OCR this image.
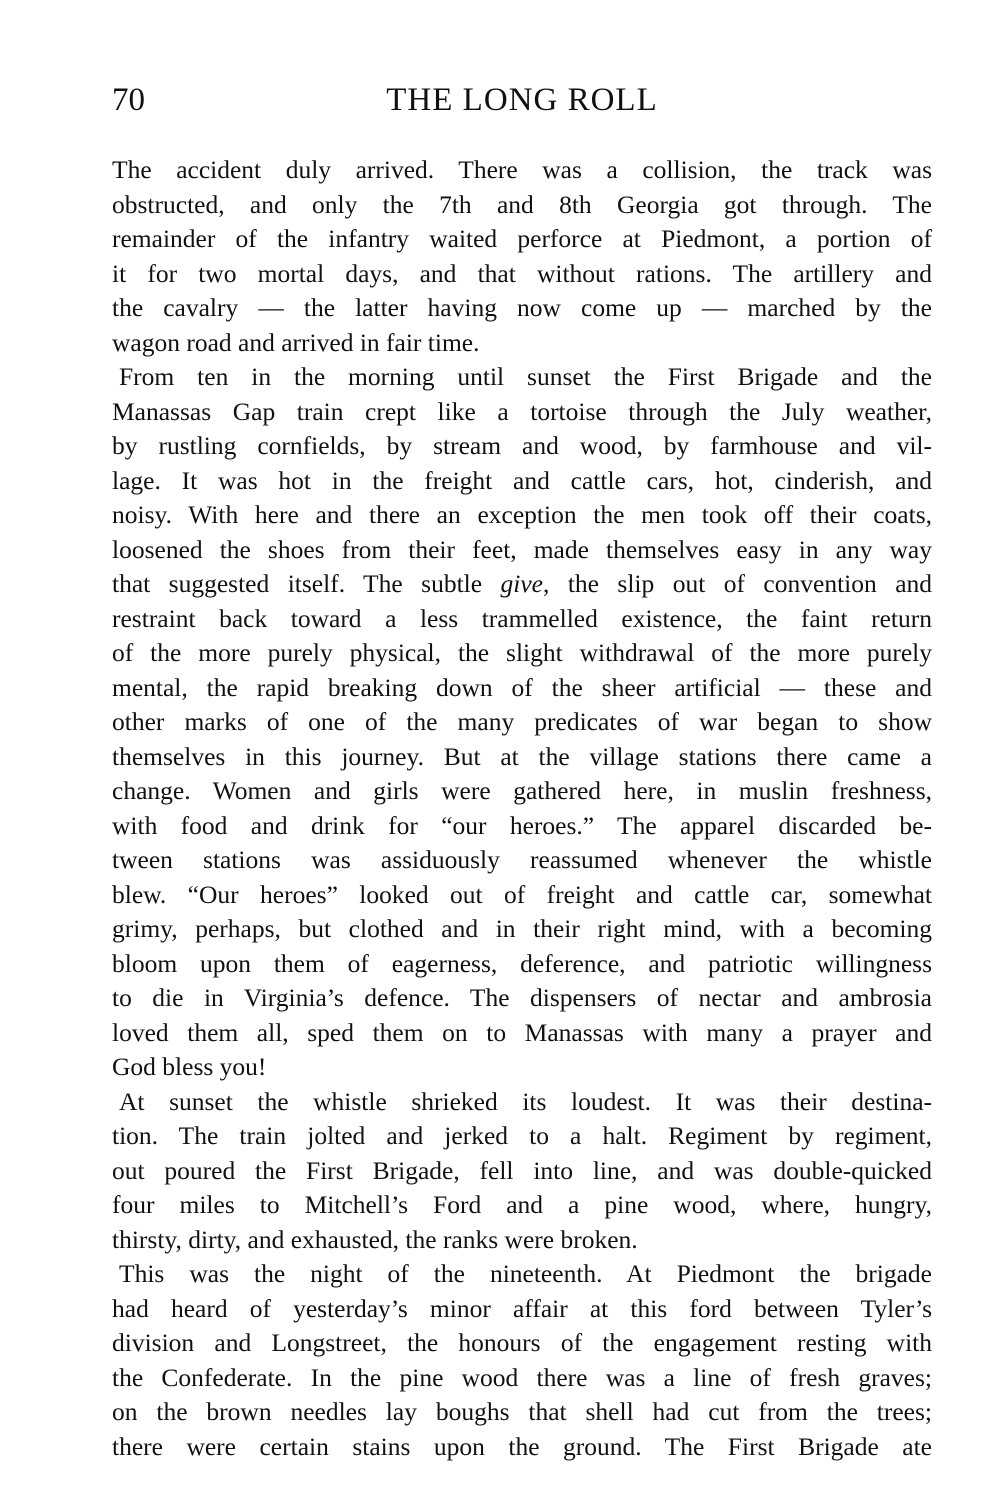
70	THE LONG ROLL
The accident duly arrived. There was a collision, the track was
obstructed, and only the 7th and 8th Georgia got through. The
remainder of the infantry waited perforce at Piedmont, a portion of
it for two mortal days, and that without rations. The artillery and
the cavalry — the latter having now come up — marched by the
wagon road and arrived in fair time.
From ten in the morning until sunset the First Brigade and the
Manassas Gap train crept like a tortoise through the July weather,
by rustling cornfields, by stream and wood, by farmhouse and vil-
lage. It was hot in the freight and cattle cars, hot, cinderish, and
noisy. With here and there an exception the men took off their coats,
loosened the shoes from their feet, made themselves easy in any way
that suggested itself. The subtle give, the slip out of convention and
restraint back toward a less trammelled existence, the faint return
of the more purely physical, the slight withdrawal of the more purely
mental, the rapid breaking down of the sheer artificial — these and
other marks of one of the many predicates of war began to show
themselves in this journey. But at the village stations there came a
change. Women and girls were gathered here, in muslin freshness,
with food and drink for “our heroes.” The apparel discarded be-
tween stations was assiduously reassumed whenever the whistle
blew. “Our heroes” looked out of freight and cattle car, somewhat
grimy, perhaps, but clothed and in their right mind, with a becoming
bloom upon them of eagerness, deference, and patriotic willingness
to die in Virginia’s defence. The dispensers of nectar and ambrosia
loved them all, sped them on to Manassas with many a prayer and
God bless you!
At sunset the whistle shrieked its loudest. It was their destina-
tion. The train jolted and jerked to a halt. Regiment by regiment,
out poured the First Brigade, fell into line, and was double-quicked
four miles to Mitchell’s Ford and a pine wood, where, hungry,
thirsty, dirty, and exhausted, the ranks were broken.
This was the night of the nineteenth. At Piedmont the brigade
had heard of yesterday’s minor affair at this ford between Tyler’s
division and Longstreet, the honours of the engagement resting with
the Confederate. In the pine wood there was a line of fresh graves;
on the brown needles lay boughs that shell had cut from the trees;
there were certain stains upon the ground. The First Brigade ate
